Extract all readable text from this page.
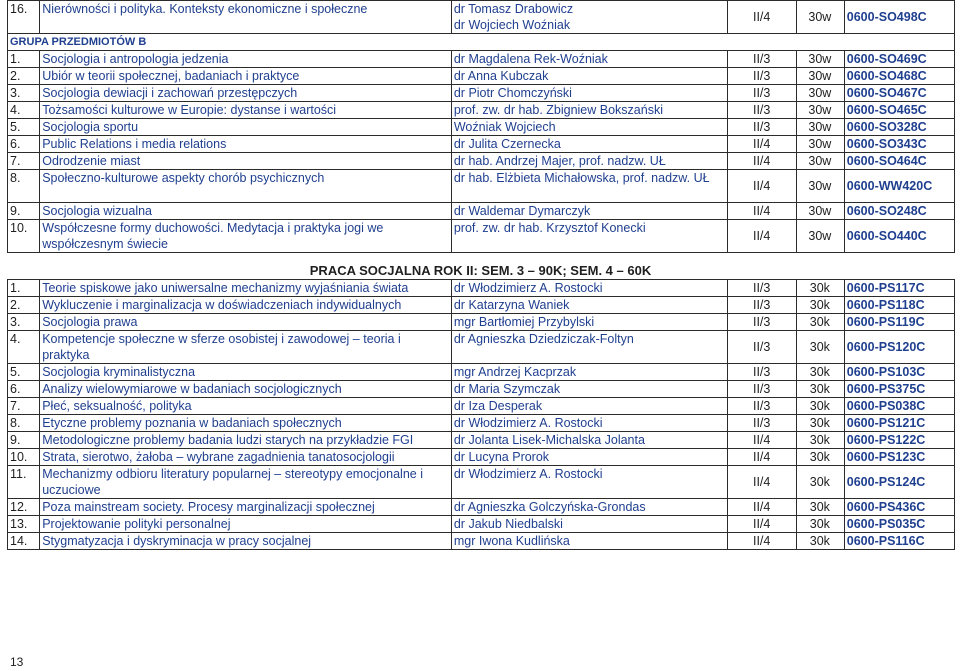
16.	Nierówności i polityka. Konteksty ekonomiczne i społeczne	dr Tomasz Drabowicz
dr Wojciech Woźniak	II/4	30w	0600-SO498C
GRUPA PRZEDMIOTÓW B					
1.	Socjologia i antropologia jedzenia	dr Magdalena Rek-Woźniak	II/3	30w	0600-SO469C
2.	Ubiór w teorii społecznej, badaniach i praktyce	dr Anna Kubczak	II/3	30w	0600-SO468C
3.	Socjologia dewiacji i zachowań przestępczych	dr Piotr Chomczyński	II/3	30w	0600-SO467C
4.	Tożsamości kulturowe w Europie: dystanse i wartości	prof. zw. dr hab. Zbigniew Bokszański	II/3	30w	0600-SO465C
5.	Socjologia sportu	Woźniak Wojciech	II/3	30w	0600-SO328C
6.	Public Relations i media relations	dr Julita Czernecka	II/4	30w	0600-SO343C
7.	Odrodzenie miast	dr hab. Andrzej Majer, prof. nadzw. UŁ	II/4	30w	0600-SO464C
8.	Społeczno-kulturowe aspekty chorób psychicznych	dr hab. Elżbieta Michałowska, prof. nadzw. UŁ	II/4	30w	0600-WW420C
9.	Socjologia wizualna	dr Waldemar Dymarczyk	II/4	30w	0600-SO248C
10.	Współczesne formy duchowości. Medytacja i praktyka jogi we współczesnym świecie	prof. zw. dr hab. Krzysztof Konecki	II/4	30w	0600-SO440C
PRACA SOCJALNA ROK II: SEM. 3 – 90K; SEM. 4 – 60K					
1.	Teorie spiskowe jako uniwersalne mechanizmy wyjaśniania świata	dr Włodzimierz A. Rostocki	II/3	30k	0600-PS117C
2.	Wykluczenie i marginalizacja w doświadczeniach indywidualnych	dr Katarzyna Waniek	II/3	30k	0600-PS118C
3.	Socjologia prawa	mgr Bartłomiej Przybylski	II/3	30k	0600-PS119C
4.	Kompetencje społeczne w sferze osobistej i zawodowej – teoria i praktyka	dr Agnieszka Dziedziczak-Foltyn	II/3	30k	0600-PS120C
5.	Socjologia kryminalistyczna	mgr Andrzej Kacprzak	II/3	30k	0600-PS103C
6.	Analizy wielowymiarowe w badaniach socjologicznych	dr Maria Szymczak	II/3	30k	0600-PS375C
7.	Płeć, seksualność, polityka	dr Iza Desperak	II/3	30k	0600-PS038C
8.	Etyczne problemy poznania w badaniach społecznych	dr Włodzimierz A. Rostocki	II/3	30k	0600-PS121C
9.	Metodologiczne problemy badania ludzi starych na przykładzie FGI	dr Jolanta Lisek-Michalska Jolanta	II/4	30k	0600-PS122C
10.	Strata, sierotwo, żałoba – wybrane zagadnienia tanatosocjologii	dr Lucyna Prorok	II/4	30k	0600-PS123C
11.	Mechanizmy odbioru literatury popularnej – stereotypy emocjonalne i uczuciowe	dr Włodzimierz A. Rostocki	II/4	30k	0600-PS124C
12.	Poza mainstream society. Procesy marginalizacji społecznej	dr Agnieszka Golczyńska-Grondas	II/4	30k	0600-PS436C
13.	Projektowanie polityki personalnej	dr Jakub Niedbalski	II/4	30k	0600-PS035C
14.	Stygmatyzacja i dyskryminacja w pracy socjalnej	mgr Iwona Kudlińska	II/4	30k	0600-PS116C
13
